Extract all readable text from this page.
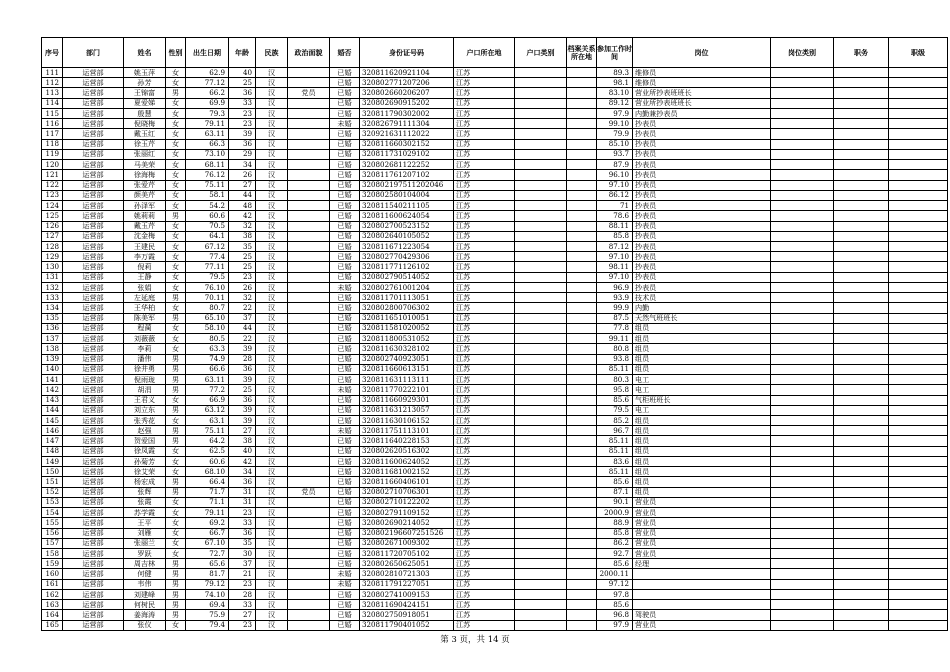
序号	部门	姓名	性别	出生日期	年龄	民族	政治面貌	婚否	身份证号码	户口所在地	户口类别	档案关系所在地	参加工作时间	岗位	岗位类别	职务	职级
111	运营部	姚玉萍	女	62.9	40	汉		已婚	320811620921104	江苏			89.3	维修员			
112	运营部	孙芳	女	77.12	25	汉		已婚	320802771207206	江苏			98.1	维修员			
113	运营部	王锦富	男	66.2	36	汉	党员	已婚	320802660206207	江苏			83.10	营业所抄表班班长			
114	运营部	夏爱娣	女	69.9	33	汉		已婚	320802690915202	江苏			89.12	营业所抄表班班长			
115	运营部	殷慧	女	79.3	23	汉		已婚	320811790302002	江苏			97.9	内勤兼抄表员			
116	运营部	倪晓梅	女	79.11	23	汉		未婚	320826791111304	江苏			99.10	抄表员			
117	运营部	戴玉红	女	63.11	39	汉		已婚	320921631112022	江苏			79.9	抄表员			
118	运营部	徐玉芹	女	66.3	36	汉		已婚	320811660302152	江苏			85.10	抄表员			
119	运营部	张丽红	女	73.10	29	汉		已婚	320811731029102	江苏			93.7	抄表员			
120	运营部	马美荣	女	68.11	34	汉		已婚	320802681122252	江苏			87.9	抄表员			
121	运营部	徐海梅	女	76.12	26	汉		已婚	320811761207102	江苏			96.10	抄表员			
122	运营部	张爱芹	女	75.11	27	汉		已婚	320802197511202046	江苏			97.10	抄表员			
123	运营部	颜美芹	女	58.1	44	汉		已婚	320802580104004	江苏			86.12	抄表员			
124	运营部	孙泽军	女	54.2	48	汉		已婚	320811540211105	江苏			71	抄表员			
125	运营部	姚莉莉	男	60.6	42	汉		已婚	320811600624054	江苏			78.6	抄表员			
126	运营部	戴玉芹	女	70.5	32	汉		已婚	320802700523152	江苏			88.11	抄表员			
127	运营部	沈金梅	女	64.1	38	汉		已婚	320802640105052	江苏			85.8	抄表员			
128	运营部	王建民	女	67.12	35	汉		已婚	320811671223054	江苏			87.12	抄表员			
129	运营部	李万霞	女	77.4	25	汉		已婚	320802770429306	江苏			97.10	抄表员			
130	运营部	倪莉	女	77.11	25	汉		已婚	320811771126102	江苏			98.11	抄表员			
131	运营部	王静	女	79.5	23	汉		已婚	320802790514052	江苏			97.10	抄表员			
132	运营部	张娟	女	76.10	26	汉		未婚	320802761001204	江苏			96.9	抄表员			
133	运营部	左延庭	男	70.11	32	汉		已婚	320811701113051	江苏			93.9	技术员			
134	运营部	王华柏	女	80.7	22	汉		已婚	320802800706302	江苏			99.9	内勤			
135	运营部	陈美军	男	65.10	37	汉		已婚	320811651010051	江苏			87.5	天然气班班长			
136	运营部	程蔺	女	58.10	44	汉		已婚	320811581020052	江苏			77.8	组员			
137	运营部	刘薇薇	女	80.5	22	汉		已婚	320811800531052	江苏			99.11	组员			
138	运营部	李莉	女	63.3	39	汉		已婚	320811630328102	江苏			80.8	组员			
139	运营部	潘伟	男	74.9	28	汉		已婚	320802740923051	江苏			93.8	组员			
140	运营部	徐井勇	男	66.6	36	汉		已婚	320811660613151	江苏			85.11	组员			
141	运营部	倪雨珑	男	63.11	39	汉		已婚	320811631113111	江苏			80.3	电工			
142	运营部	胡涓	男	77.2	25	汉		未婚	320811770222101	江苏			95.8	电工			
143	运营部	王君义	女	66.9	36	汉		已婚	320811660929301	江苏			85.6	气柜班班长			
144	运营部	刘立东	男	63.12	39	汉		已婚	320811631213057	江苏			79.5	电工			
145	运营部	张秀花	女	63.1	39	汉		已婚	320811630106152	江苏			85.2	组员			
146	运营部	赵强	男	75.11	27	汉		未婚	320811751113101	江苏			96.7	组员			
147	运营部	贺爱国	男	64.2	38	汉		已婚	320811640228153	江苏			85.11	组员			
148	运营部	徐凤霞	女	62.5	40	汉		已婚	320802620516302	江苏			85.11	组员			
149	运营部	孙菊芳	女	60.6	42	汉		已婚	320811600624052	江苏			83.6	组员			
150	运营部	徐艾荣	女	68.10	34	汉		已婚	320811681002152	江苏			85.11	组员			
151	运营部	杨宏成	男	66.4	36	汉		已婚	320811660406101	江苏			85.6	组员			
152	运营部	张辉	男	71.7	31	汉	党员	已婚	320802710706301	江苏			87.1	组员			
153	运营部	张霞	女	71.1	31	汉		已婚	320802710122202	江苏			90.1	营业员			
154	运营部	苏学霞	女	79.11	23	汉		已婚	320802791109152	江苏			2000.9	营业员			
155	运营部	王平	女	69.2	33	汉		已婚	320802690214052	江苏			88.9	营业员			
156	运营部	刘雁	女	66.7	36	汉		已婚	320802196607251526	江苏			85.8	营业员			
157	运营部	张丽兰	女	67.10	35	汉		已婚	320802671009302	江苏			86.2	营业员			
158	运营部	罗跃	女	72.7	30	汉		已婚	320811720705102	江苏			92.7	营业员			
159	运营部	周吉林	男	65.6	37	汉		已婚	320802650625051	江苏			85.6	经理			
160	运营部	何健	男	81.7	21	汉		未婚	320802810721303	江苏			2000.11				
161	运营部	韦伟	男	79.12	23	汉		未婚	320811791227051	江苏			97.12				
162	运营部	刘建峰	男	74.10	28	汉		已婚	320802741009153	江苏			97.8				
163	运营部	何树民	男	69.4	33	汉		已婚	320811690424151	江苏			85.6				
164	运营部	姜海涛	男	75.9	27	汉		已婚	320802750918051	江苏			96.8	驾驶员			
165	运营部	张仪	女	79.4	23	汉		已婚	320811790401052	江苏			97.9	营业员			
第 3 页，共 14 页
